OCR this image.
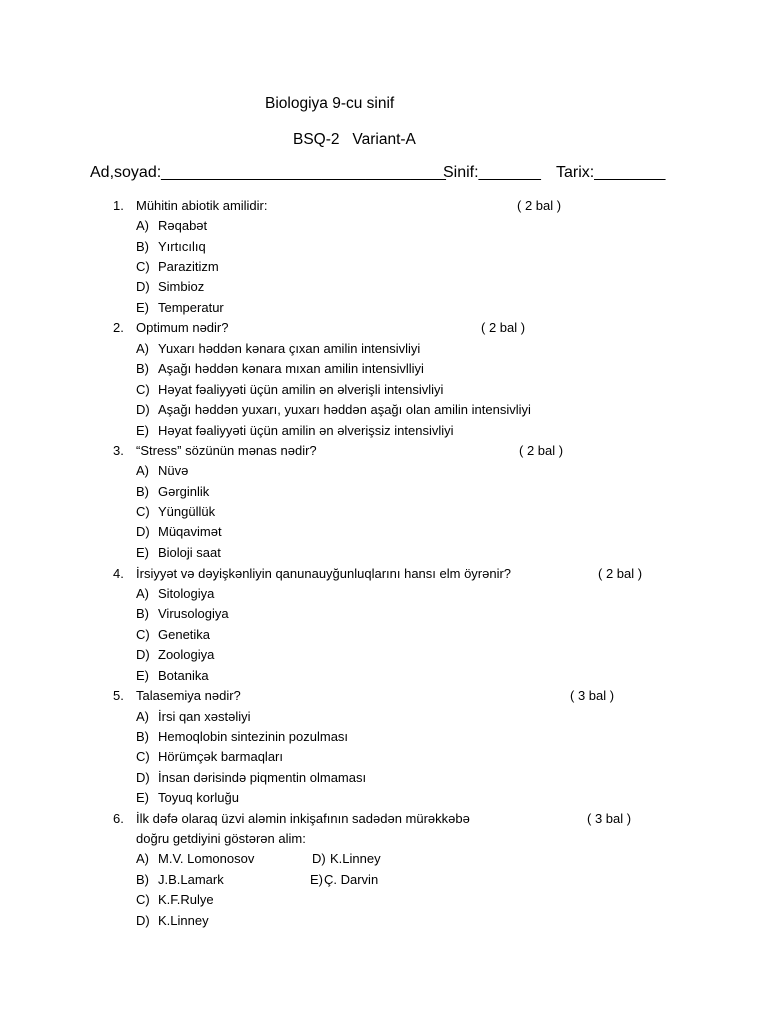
Biologiya 9-cu sinif
BSQ-2   Variant-A
Ad,soyad:________________________________
Sinif:_______ Tarix:________
1. Mühitin abiotik amilidir:	( 2 bal )
A) Rəqabət
B) Yırtıcılıq
C) Parazitizm
D) Simbioz
E) Temperatur
2. Optimum nədir?	( 2 bal )
A) Yuxarı həddən kənara çıxan amilin intensivliyi
B) Aşağı həddən kənara mıxan amilin intensivlliyi
C) Həyat fəaliyyəti üçün amilin ən əlverişli intensivliyi
D) Aşağı həddən yuxarı, yuxarı həddən aşağı olan amilin intensivliyi
E) Həyat fəaliyyəti üçün amilin ən əlverişsiz intensivliyi
3. “Stress” sözünün mənas nədir?	( 2 bal )
A) Nüvə
B) Gərginlik
C) Yüngüllük
D) Müqavimət
E) Bioloji saat
4. İrsiyyət və dəyişkənliyin qanunauyğunluqlarını hansı elm öyrənir?	( 2 bal )
A) Sitologiya
B) Virusologiya
C) Genetika
D) Zoologiya
E) Botanika
5. Talasemiya nədir?	( 3 bal )
A) İrsi qan xəstəliyi
B) Hemoqlobin sintezinin pozulması
C) Hörümçək barmaqları
D) İnsan dərisində piqmentin olmaması
E) Toyuq korluğu
6. İlk dəfə olaraq üzvi aləmin inkişafının sadədən mürəkkəbə	( 3 bal )
doğru getdiyini göstərən alim:
A) M.V. Lomonosov	D) K.Linney
B) J.B.Lamark	E) Ç. Darvin
C) K.F.Rulye
D) K.Linney
